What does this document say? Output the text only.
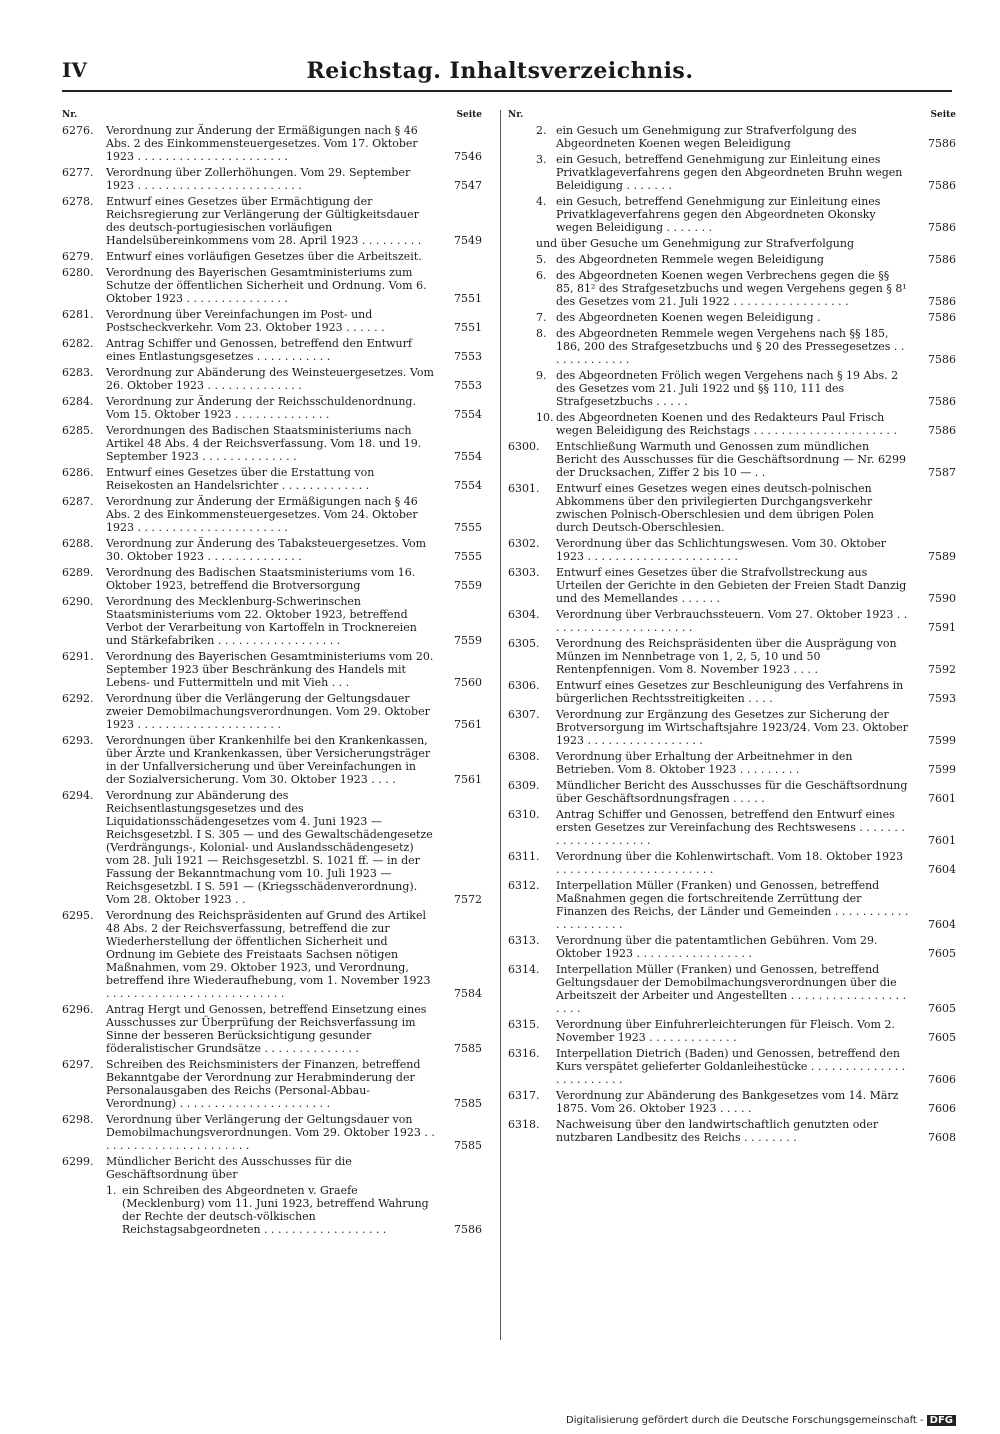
IV	Reichstag. Inhaltsverzeichnis.
Nr.	Seite
6276. Verordnung zur Änderung der Ermäßigungen nach § 46 Abs. 2 des Einkommensteuergesetzes. Vom 17. Oktober 1923 . . . . . . . . . . . . . . . . . . . . . .	7546
6277. Verordnung über Zollerhöhungen. Vom 29. September 1923 . . . . . . . . . . . . . . . . . . . . . . . .	7547
6278. Entwurf eines Gesetzes über Ermächtigung der Reichsregierung zur Verlängerung der Gültigkeitsdauer des deutsch-portugiesischen vorläufigen Handelsübereinkommens vom 28. April 1923 . . . . . . . . .	7549
6279. Entwurf eines vorläufigen Gesetzes über die Arbeitszeit.
6280. Verordnung des Bayerischen Gesamtministeriums zum Schutze der öffentlichen Sicherheit und Ordnung. Vom 6. Oktober 1923 . . . . . . . . . . . . . . .	7551
6281. Verordnung über Vereinfachungen im Post- und Postscheckverkehr. Vom 23. Oktober 1923 . . . . . .	7551
6282. Antrag Schiffer und Genossen, betreffend den Entwurf eines Entlastungsgesetzes . . . . . . . . . . .	7553
6283. Verordnung zur Abänderung des Weinsteuergesetzes. Vom 26. Oktober 1923 . . . . . . . . . . . . . .	7553
6284. Verordnung zur Änderung der Reichsschuldenordnung. Vom 15. Oktober 1923 . . . . . . . . . . . . . .	7554
6285. Verordnungen des Badischen Staatsministeriums nach Artikel 48 Abs. 4 der Reichsverfassung. Vom 18. und 19. September 1923 . . . . . . . . . . . . . .	7554
6286. Entwurf eines Gesetzes über die Erstattung von Reisekosten an Handelsrichter . . . . . . . . . . . . .	7554
6287. Verordnung zur Änderung der Ermäßigungen nach § 46 Abs. 2 des Einkommensteuergesetzes. Vom 24. Oktober 1923 . . . . . . . . . . . . . . . . . . . . . .	7555
6288. Verordnung zur Änderung des Tabaksteuergesetzes. Vom 30. Oktober 1923 . . . . . . . . . . . . . .	7555
6289. Verordnung des Badischen Staatsministeriums vom 16. Oktober 1923, betreffend die Brotversorgung	7559
6290. Verordnung des Mecklenburg-Schwerinschen Staatsministeriums vom 22. Oktober 1923, betreffend Verbot der Verarbeitung von Kartoffeln in Trocknereien und Stärkefabriken . . . . . . . . . . . . . . . . . .	7559
6291. Verordnung des Bayerischen Gesamtministeriums vom 20. September 1923 über Beschränkung des Handels mit Lebens- und Futtermitteln und mit Vieh . . .	7560
6292. Verordnung über die Verlängerung der Geltungsdauer zweier Demobilmachungsverordnungen. Vom 29. Oktober 1923 . . . . . . . . . . . . . . . . . . . . .	7561
6293. Verordnungen über Krankenhilfe bei den Krankenkassen, über Ärzte und Krankenkassen, über Versicherungsträger in der Unfallversicherung und über Vereinfachungen in der Sozialversicherung. Vom 30. Oktober 1923 . . . .	7561
6294. Verordnung zur Abänderung des Reichsentlastungsgesetzes und des Liquidationsschädengesetzes vom 4. Juni 1923 — Reichsgesetzbl. I S. 305 — und des Gewaltschädengesetze (Verdrängungs-, Kolonial- und Auslandsschädengesetz) vom 28. Juli 1921 — Reichsgesetzbl. S. 1021 ff. — in der Fassung der Bekanntmachung vom 10. Juli 1923 — Reichsgesetzbl. I S. 591 — (Kriegsschädenverordnung). Vom 28. Oktober 1923 . .	7572
6295. Verordnung des Reichspräsidenten auf Grund des Artikel 48 Abs. 2 der Reichsverfassung, betreffend die zur Wiederherstellung der öffentlichen Sicherheit und Ordnung im Gebiete des Freistaats Sachsen nötigen Maßnahmen, vom 29. Oktober 1923, und Verordnung, betreffend ihre Wiederaufhebung, vom 1. November 1923 . . . . . . . . . . . . . . . . . . . . . . . . . .	7584
6296. Antrag Hergt und Genossen, betreffend Einsetzung eines Ausschusses zur Überprüfung der Reichsverfassung im Sinne der besseren Berücksichtigung gesunder föderalistischer Grundsätze . . . . . . . . . . . . . .	7585
6297. Schreiben des Reichsministers der Finanzen, betreffend Bekanntgabe der Verordnung zur Herabminderung der Personalausgaben des Reichs (Personal-Abbau-Verordnung) . . . . . . . . . . . . . . . . . . . . . .	7585
6298. Verordnung über Verlängerung der Geltungsdauer von Demobilmachungsverordnungen. Vom 29. Oktober 1923 . . . . . . . . . . . . . . . . . . . . . . .	7585
6299. Mündlicher Bericht des Ausschusses für die Geschäftsordnung über
1. ein Schreiben des Abgeordneten v. Graefe (Mecklenburg) vom 11. Juni 1923, betreffend Wahrung der Rechte der deutsch-völkischen Reichstagsabgeordneten . . . . . . . . . . . . . . . . . .	7586
Nr.	Seite
2. ein Gesuch um Genehmigung zur Strafverfolgung des Abgeordneten Koenen wegen Beleidigung	7586
3. ein Gesuch, betreffend Genehmigung zur Einleitung eines Privatklageverfahrens gegen den Abgeordneten Bruhn wegen Beleidigung . . . . . . .	7586
4. ein Gesuch, betreffend Genehmigung zur Einleitung eines Privatklageverfahrens gegen den Abgeordneten Okonsky wegen Beleidigung . . . . . . .	7586
und über Gesuche um Genehmigung zur Strafverfolgung
5. des Abgeordneten Remmele wegen Beleidigung	7586
6. des Abgeordneten Koenen wegen Verbrechens gegen die §§ 85, 81² des Strafgesetzbuchs und wegen Vergehens gegen § 8¹ des Gesetzes vom 21. Juli 1922 . . . . . . . . . . . . . . . . .	7586
7. des Abgeordneten Koenen wegen Beleidigung .	7586
8. des Abgeordneten Remmele wegen Vergehens nach §§ 185, 186, 200 des Strafgesetzbuchs und § 20 des Pressegesetzes . . . . . . . . . . . . .	7586
9. des Abgeordneten Frölich wegen Vergehens nach § 19 Abs. 2 des Gesetzes vom 21. Juli 1922 und §§ 110, 111 des Strafgesetzbuchs . . . . .	7586
10. des Abgeordneten Koenen und des Redakteurs Paul Frisch wegen Beleidigung des Reichstags . . . . . . . . . . . . . . . . . . . . .	7586
6300. Entschließung Warmuth und Genossen zum mündlichen Bericht des Ausschusses für die Geschäftsordnung — Nr. 6299 der Drucksachen, Ziffer 2 bis 10 — . .	7587
6301. Entwurf eines Gesetzes wegen eines deutsch-polnischen Abkommens über den privilegierten Durchgangsverkehr zwischen Polnisch-Oberschlesien und dem übrigen Polen durch Deutsch-Oberschlesien.
6302. Verordnung über das Schlichtungswesen. Vom 30. Oktober 1923 . . . . . . . . . . . . . . . . . . . . . .	7589
6303. Entwurf eines Gesetzes über die Strafvollstreckung aus Urteilen der Gerichte in den Gebieten der Freien Stadt Danzig und des Memellandes . . . . . .	7590
6304. Verordnung über Verbrauchssteuern. Vom 27. Oktober 1923 . . . . . . . . . . . . . . . . . . . . . .	7591
6305. Verordnung des Reichspräsidenten über die Ausprägung von Münzen im Nennbetrage von 1, 2, 5, 10 und 50 Rentenpfennigen. Vom 8. November 1923 . . . .	7592
6306. Entwurf eines Gesetzes zur Beschleunigung des Verfahrens in bürgerlichen Rechtsstreitigkeiten . . . .	7593
6307. Verordnung zur Ergänzung des Gesetzes zur Sicherung der Brotversorgung im Wirtschaftsjahre 1923/24. Vom 23. Oktober 1923 . . . . . . . . . . . . . . . . .	7599
6308. Verordnung über Erhaltung der Arbeitnehmer in den Betrieben. Vom 8. Oktober 1923 . . . . . . . . .	7599
6309. Mündlicher Bericht des Ausschusses für die Geschäftsordnung über Geschäftsordnungsfragen . . . . .	7601
6310. Antrag Schiffer und Genossen, betreffend den Entwurf eines ersten Gesetzes zur Vereinfachung des Rechtswesens . . . . . . . . . . . . . . . . . . . . .	7601
6311. Verordnung über die Kohlenwirtschaft. Vom 18. Oktober 1923 . . . . . . . . . . . . . . . . . . . . . . .	7604
6312. Interpellation Müller (Franken) und Genossen, betreffend Maßnahmen gegen die fortschreitende Zerrüttung der Finanzen des Reichs, der Länder und Gemeinden . . . . . . . . . . . . . . . . . . . . .	7604
6313. Verordnung über die patentamtlichen Gebühren. Vom 29. Oktober 1923 . . . . . . . . . . . . . . . . .	7605
6314. Interpellation Müller (Franken) und Genossen, betreffend Geltungsdauer der Demobilmachungsverordnungen über die Arbeitszeit der Arbeiter und Angestellten . . . . . . . . . . . . . . . . . . . . .	7605
6315. Verordnung über Einfuhrerleichterungen für Fleisch. Vom 2. November 1923 . . . . . . . . . . . . .	7605
6316. Interpellation Dietrich (Baden) und Genossen, betreffend den Kurs verspätet gelieferter Goldanleihestücke . . . . . . . . . . . . . . . . . . . . . . . .	7606
6317. Verordnung zur Abänderung des Bankgesetzes vom 14. März 1875. Vom 26. Oktober 1923 . . . . .	7606
6318. Nachweisung über den landwirtschaftlich genutzten oder nutzbaren Landbesitz des Reichs . . . . . . . .	7608
Digitalisierung gefördert durch die Deutsche Forschungsgemeinschaft - DFG
